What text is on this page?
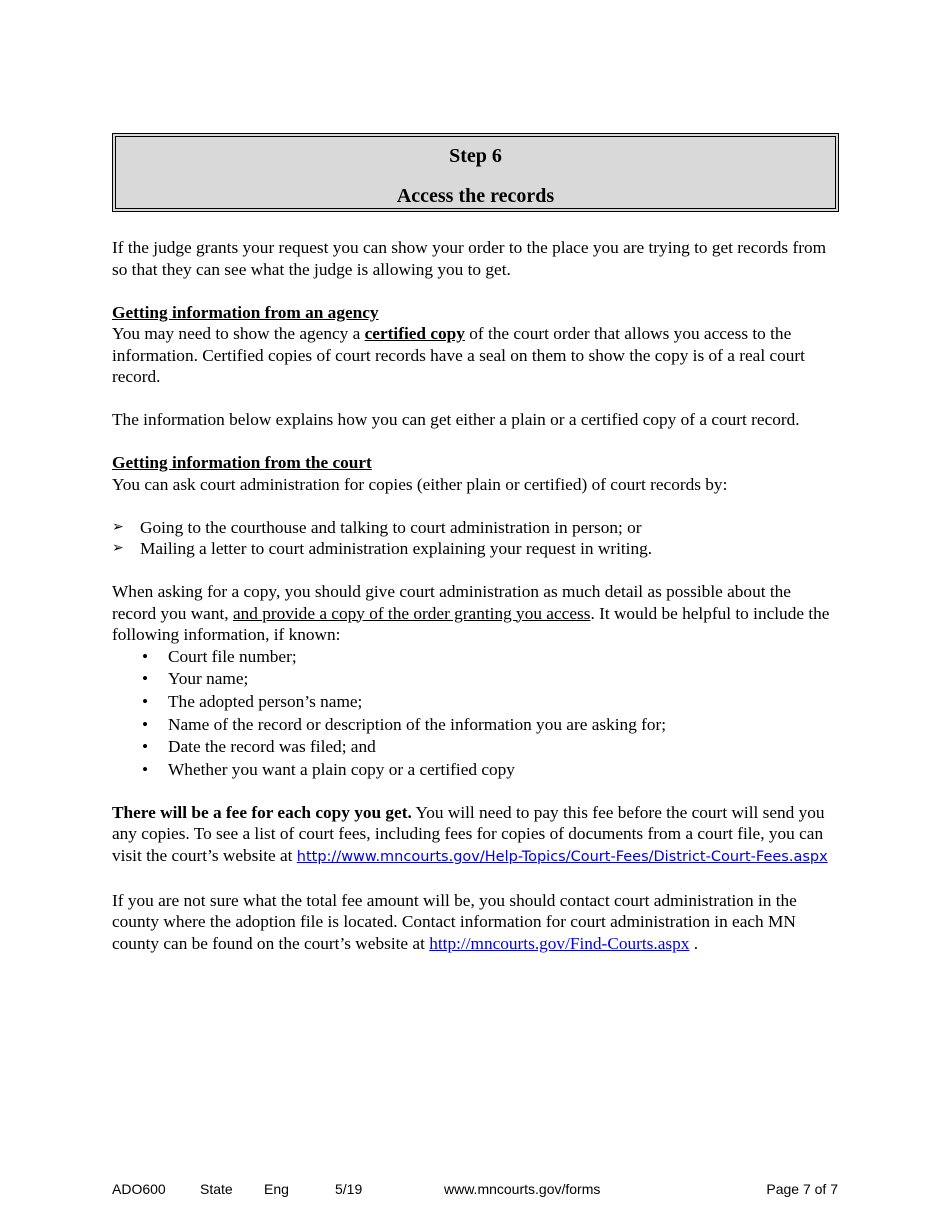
Step 6
Access the records

If the judge grants your request you can show your order to the place you are trying to get records from so that they can see what the judge is allowing you to get.

Getting information from an agency

You may need to show the agency a certified copy of the court order that allows you access to the information. Certified copies of court records have a seal on them to show the copy is of a real court record.

The information below explains how you can get either a plain or a certified copy of a court record.

Getting information from the court

You can ask court administration for copies (either plain or certified) of court records by:

➢ Going to the courthouse and talking to court administration in person; or
➢ Mailing a letter to court administration explaining your request in writing.

When asking for a copy, you should give court administration as much detail as possible about the record you want, and provide a copy of the order granting you access. It would be helpful to include the following information, if known:

• Court file number;
• Your name;
• The adopted person’s name;
• Name of the record or description of the information you are asking for;
• Date the record was filed; and
• Whether you want a plain copy or a certified copy

There will be a fee for each copy you get. You will need to pay this fee before the court will send you any copies. To see a list of court fees, including fees for copies of documents from a court file, you can visit the court’s website at http://www.mncourts.gov/Help-Topics/Court-Fees/District-Court-Fees.aspx

If you are not sure what the total fee amount will be, you should contact court administration in the county where the adoption file is located. Contact information for court administration in each MN county can be found on the court’s website at http://mncourts.gov/Find-Courts.aspx .

ADO600 State Eng	5/19	www.mncourts.gov/forms	Page 7 of 7
